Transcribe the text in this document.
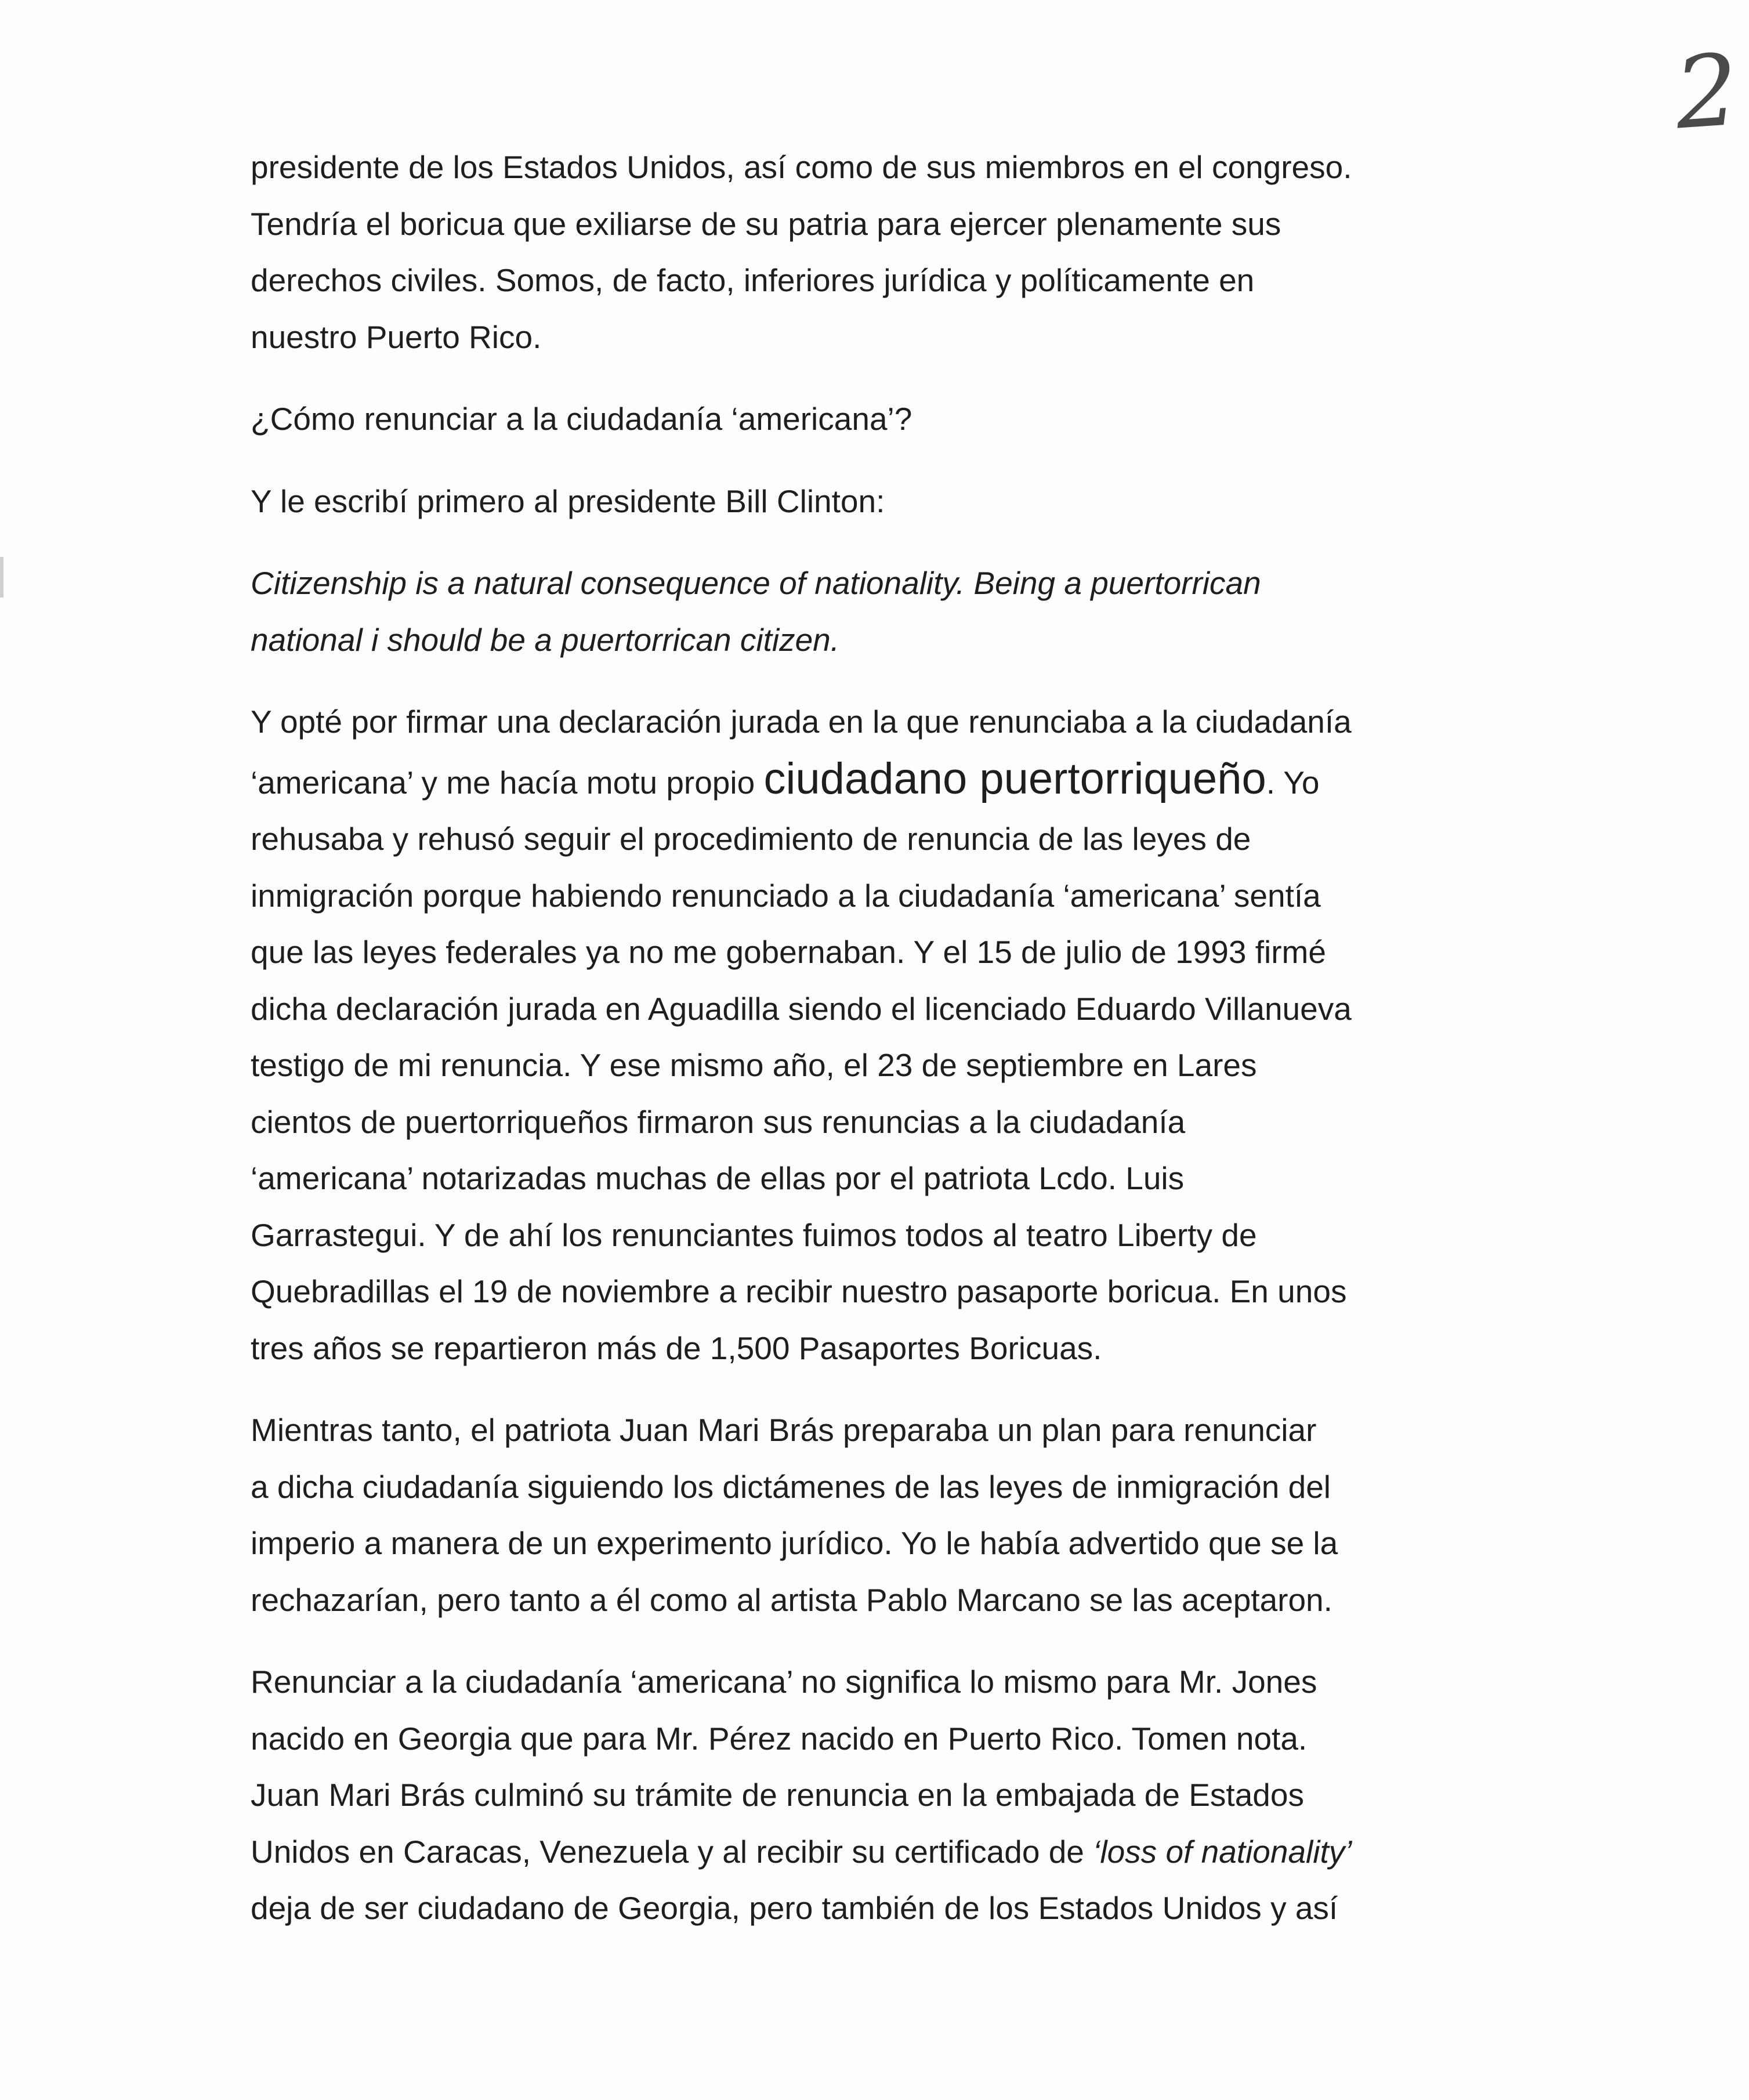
2
presidente de los Estados Unidos, así como de sus miembros en el congreso.
Tendría el boricua que exiliarse de su patria para ejercer plenamente sus
derechos civiles. Somos, de facto, inferiores jurídica y políticamente en
nuestro Puerto Rico.
¿Cómo renunciar a la ciudadanía ‘americana’?
Y le escribí primero al presidente Bill Clinton:
Citizenship is a natural consequence of nationality. Being a puertorrican
national i should be a puertorrican citizen.
Y opté por firmar una declaración jurada en la que renunciaba a la ciudadanía
‘americana’ y me hacía motu propio ciudadano puertorriqueño. Yo
rehusaba y rehusó seguir el procedimiento de renuncia de las leyes de
inmigración porque habiendo renunciado a la ciudadanía ‘americana’ sentía
que las leyes federales ya no me gobernaban. Y el 15 de julio de 1993 firmé
dicha declaración jurada en Aguadilla siendo el licenciado Eduardo Villanueva
testigo de mi renuncia. Y ese mismo año, el 23 de septiembre en Lares
cientos de puertorriqueños firmaron sus renuncias a la ciudadanía
‘americana’ notarizadas muchas de ellas por el patriota Lcdo. Luis
Garrastegui. Y de ahí los renunciantes fuimos todos al teatro Liberty de
Quebradillas el 19 de noviembre a recibir nuestro pasaporte boricua. En unos
tres años se repartieron más de 1,500 Pasaportes Boricuas.
Mientras tanto, el patriota Juan Mari Brás preparaba un plan para renunciar
a dicha ciudadanía siguiendo los dictámenes de las leyes de inmigración del
imperio a manera de un experimento jurídico. Yo le había advertido que se la
rechazarían, pero tanto a él como al artista Pablo Marcano se las aceptaron.
Renunciar a la ciudadanía ‘americana’ no significa lo mismo para Mr. Jones
nacido en Georgia que para Mr. Pérez nacido en Puerto Rico. Tomen nota.
Juan Mari Brás culminó su trámite de renuncia en la embajada de Estados
Unidos en Caracas, Venezuela y al recibir su certificado de ‘loss of nationality’
deja de ser ciudadano de Georgia, pero también de los Estados Unidos y así
